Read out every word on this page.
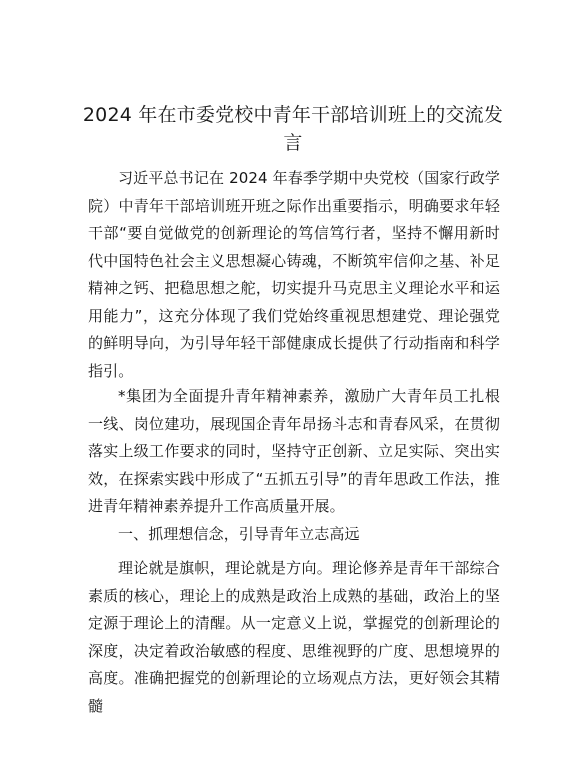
2024 年在市委党校中青年干部培训班上的交流发言
习近平总书记在 2024 年春季学期中央党校（国家行政学院）中青年干部培训班开班之际作出重要指示，明确要求年轻干部“要自觉做党的创新理论的笃信笃行者，坚持不懈用新时代中国特色社会主义思想凝心铸魂，不断筑牢信仰之基、补足精神之钙、把稳思想之舵，切实提升马克思主义理论水平和运用能力”，这充分体现了我们党始终重视思想建党、理论强党的鲜明导向，为引导年轻干部健康成长提供了行动指南和科学指引。
*集团为全面提升青年精神素养，激励广大青年员工扎根一线、岗位建功，展现国企青年昂扬斗志和青春风采，在贯彻落实上级工作要求的同时，坚持守正创新、立足实际、突出实效，在探索实践中形成了“五抓五引导”的青年思政工作法，推进青年精神素养提升工作高质量开展。
一、抓理想信念，引导青年立志高远
理论就是旗帜，理论就是方向。理论修养是青年干部综合素质的核心，理论上的成熟是政治上成熟的基础，政治上的坚定源于理论上的清醒。从一定意义上说，掌握党的创新理论的深度，决定着政治敏感的程度、思维视野的广度、思想境界的高度。准确把握党的创新理论的立场观点方法，更好领会其精髓
